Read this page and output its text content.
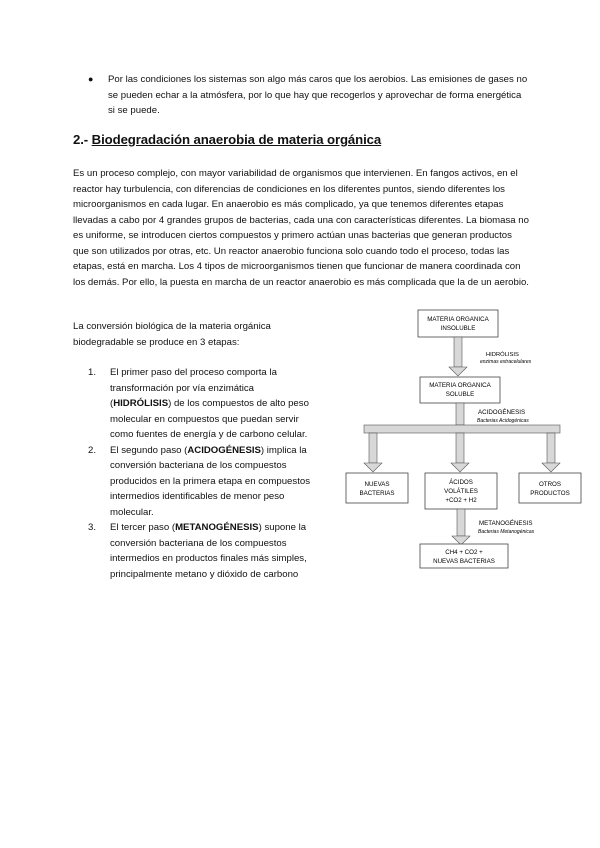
● Por las condiciones los sistemas son algo más caros que los aerobios. Las emisiones de gases no se pueden echar a la atmósfera, por lo que hay que recogerlos y aprovechar de forma energética si se puede.
2.- Biodegradación anaerobia de materia orgánica
Es un proceso complejo, con mayor variabilidad de organismos que intervienen. En fangos activos, en el reactor hay turbulencia, con diferencias de condiciones en los diferentes puntos, siendo diferentes los microorganismos en cada lugar. En anaerobio es más complicado, ya que tenemos diferentes etapas llevadas a cabo por 4 grandes grupos de bacterias, cada una con características diferentes. La biomasa no es uniforme, se introducen ciertos compuestos y primero actúan unas bacterias que generan productos que son utilizados por otras, etc. Un reactor anaerobio funciona solo cuando todo el proceso, todas las etapas, está en marcha. Los 4 tipos de microorganismos tienen que funcionar de manera coordinada con los demás. Por ello, la puesta en marcha de un reactor anaerobio es más complicada que la de un aerobio.
La conversión biológica de la materia orgánica biodegradable se produce en 3 etapas:
1. El primer paso del proceso comporta la transformación por vía enzimática (HIDRÓLISIS) de los compuestos de alto peso molecular en compuestos que puedan servir como fuentes de energía y de carbono celular.
2. El segundo paso (ACIDOGÉNESIS) implica la conversión bacteriana de los compuestos producidos en la primera etapa en compuestos intermedios identificables de menor peso molecular.
3. El tercer paso (METANOGÉNESIS) supone la conversión bacteriana de los compuestos intermedios en productos finales más simples, principalmente metano y dióxido de carbono
MATERIA ORGANICA
INSOLUBLE
HIDRÓLISIS
enzimas extracelulares
MATERIA ORGANICA
SOLUBLE
ACIDOGÉNESIS
Bacterias Acidogénicas
NUEVAS
BACTERIAS
ÁCIDOS
VOLÁTILES
+CO2 + H2
OTROS
PRODUCTOS
METANOGÉNESIS
Bacterias Metanogénicas
CH4 + CO2 +
NUEVAS BACTERIAS
